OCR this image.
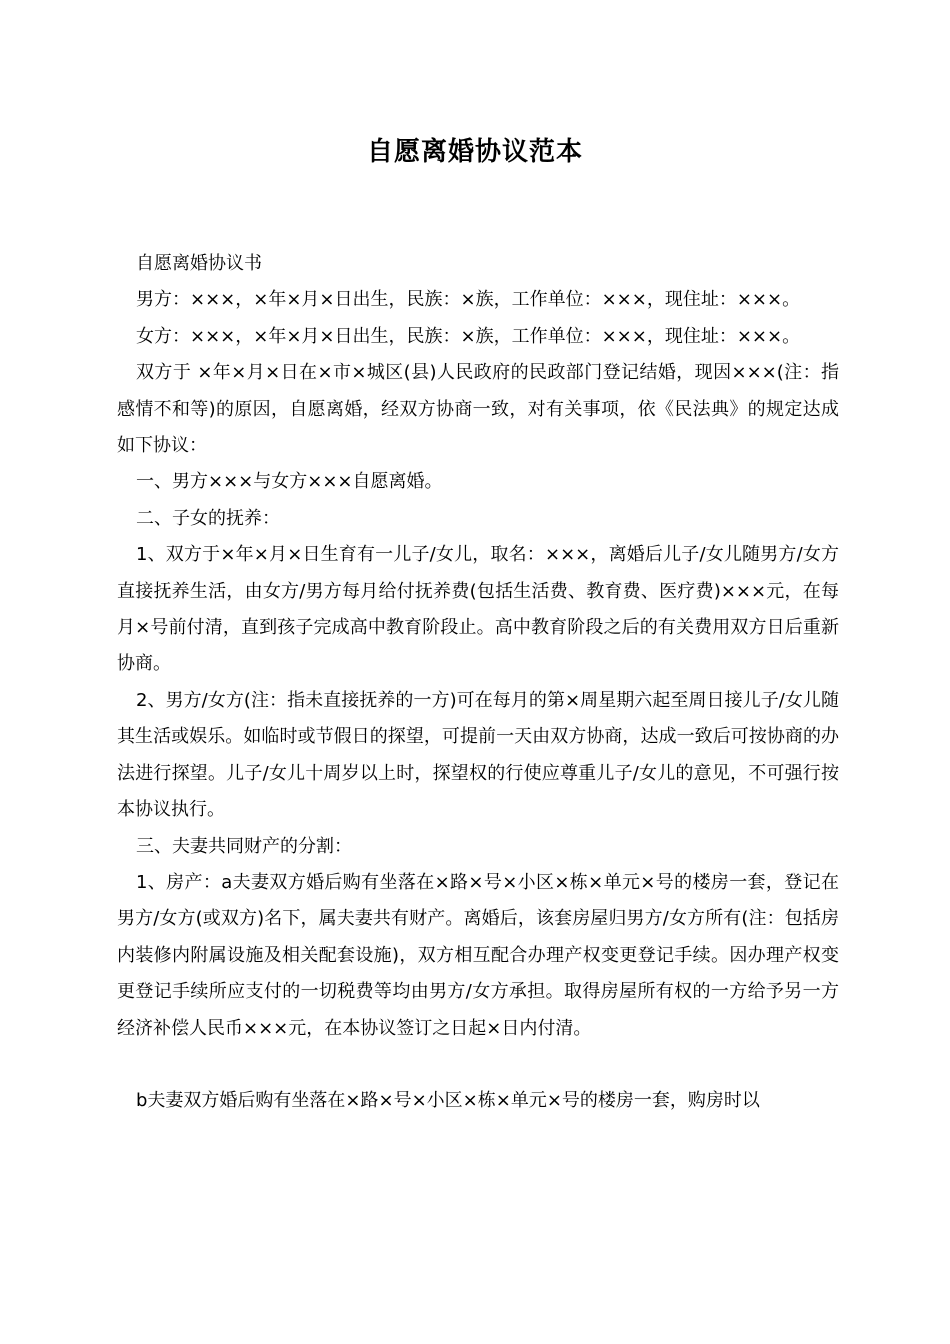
自愿离婚协议范本

自愿离婚协议书

男方：×××，×年×月×日出生，民族：×族，工作单位：×××，现住址：×××。

女方：×××，×年×月×日出生，民族：×族，工作单位：×××，现住址：×××。

双方于 ×年×月×日在×市×城区(县)人民政府的民政部门登记结婚，现因×××(注：指感情不和等)的原因，自愿离婚，经双方协商一致，对有关事项，依《民法典》的规定达成如下协议：

一、男方×××与女方×××自愿离婚。

二、子女的抚养：

1、双方于×年×月×日生育有一儿子/女儿，取名：×××，离婚后儿子/女儿随男方/女方直接抚养生活，由女方/男方每月给付抚养费(包括生活费、教育费、医疗费)×××元，在每月×号前付清，直到孩子完成高中教育阶段止。高中教育阶段之后的有关费用双方日后重新协商。

2、男方/女方(注：指未直接抚养的一方)可在每月的第×周星期六起至周日接儿子/女儿随其生活或娱乐。如临时或节假日的探望，可提前一天由双方协商，达成一致后可按协商的办法进行探望。儿子/女儿十周岁以上时，探望权的行使应尊重儿子/女儿的意见，不可强行按本协议执行。

三、夫妻共同财产的分割：

1、房产：a夫妻双方婚后购有坐落在×路×号×小区×栋×单元×号的楼房一套，登记在男方/女方(或双方)名下，属夫妻共有财产。离婚后，该套房屋归男方/女方所有(注：包括房内装修内附属设施及相关配套设施)，双方相互配合办理产权变更登记手续。因办理产权变更登记手续所应支付的一切税费等均由男方/女方承担。取得房屋所有权的一方给予另一方经济补偿人民币×××元，在本协议签订之日起×日内付清。

b夫妻双方婚后购有坐落在×路×号×小区×栋×单元×号的楼房一套，购房时以
